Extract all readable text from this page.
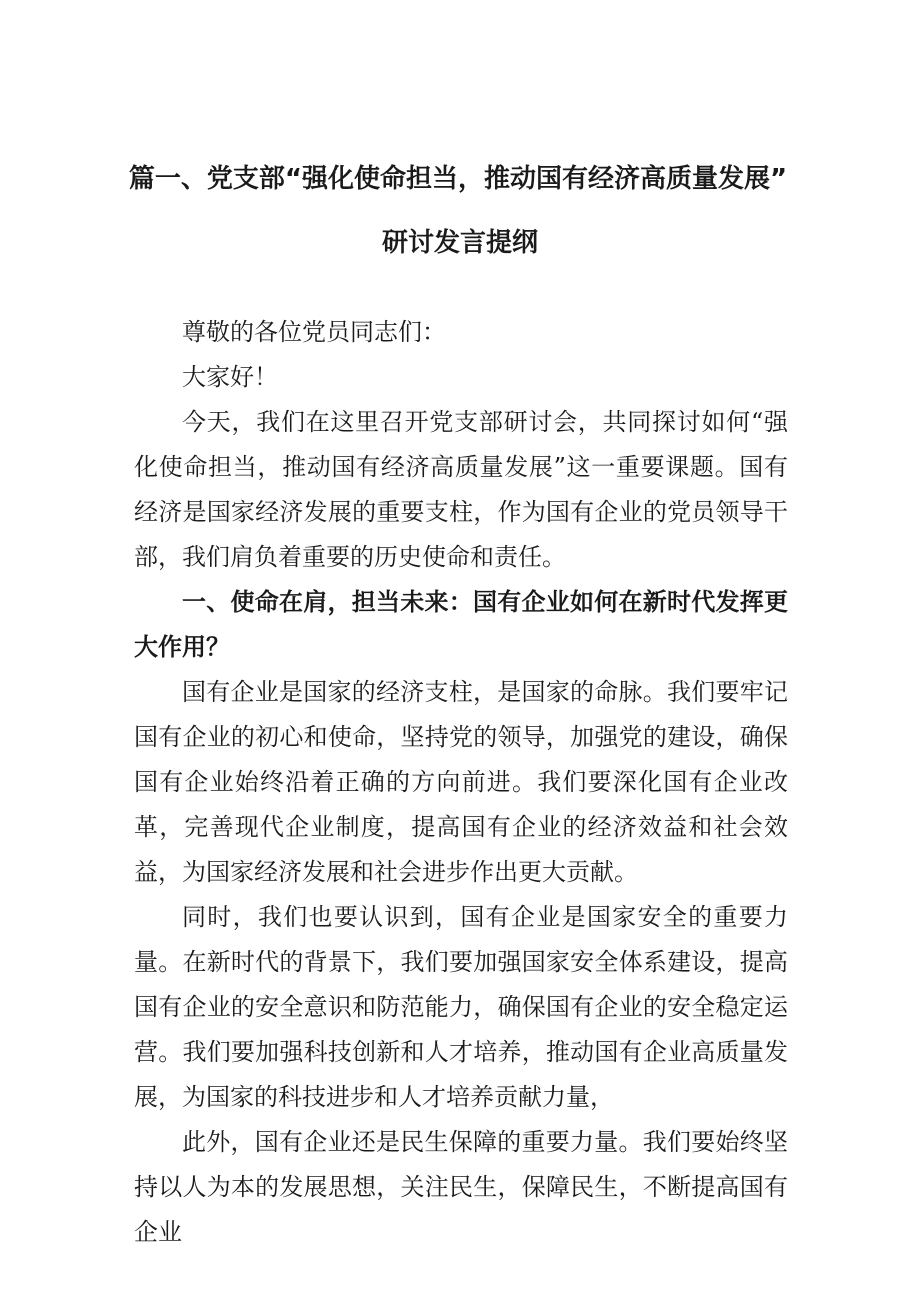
篇一、党支部“强化使命担当，推动国有经济高质量发展”
研讨发言提纲

尊敬的各位党员同志们：

大家好！

今天，我们在这里召开党支部研讨会，共同探讨如何“强化使命担当，推动国有经济高质量发展”这一重要课题。国有经济是国家经济发展的重要支柱，作为国有企业的党员领导干部，我们肩负着重要的历史使命和责任。

一、使命在肩，担当未来：国有企业如何在新时代发挥更大作用？

国有企业是国家的经济支柱，是国家的命脉。我们要牢记国有企业的初心和使命，坚持党的领导，加强党的建设，确保国有企业始终沿着正确的方向前进。我们要深化国有企业改革，完善现代企业制度，提高国有企业的经济效益和社会效益，为国家经济发展和社会进步作出更大贡献。

同时，我们也要认识到，国有企业是国家安全的重要力量。在新时代的背景下，我们要加强国家安全体系建设，提高国有企业的安全意识和防范能力，确保国有企业的安全稳定运营。我们要加强科技创新和人才培养，推动国有企业高质量发展，为国家的科技进步和人才培养贡献力量，

此外，国有企业还是民生保障的重要力量。我们要始终坚持以人为本的发展思想，关注民生，保障民生，不断提高国有企业
